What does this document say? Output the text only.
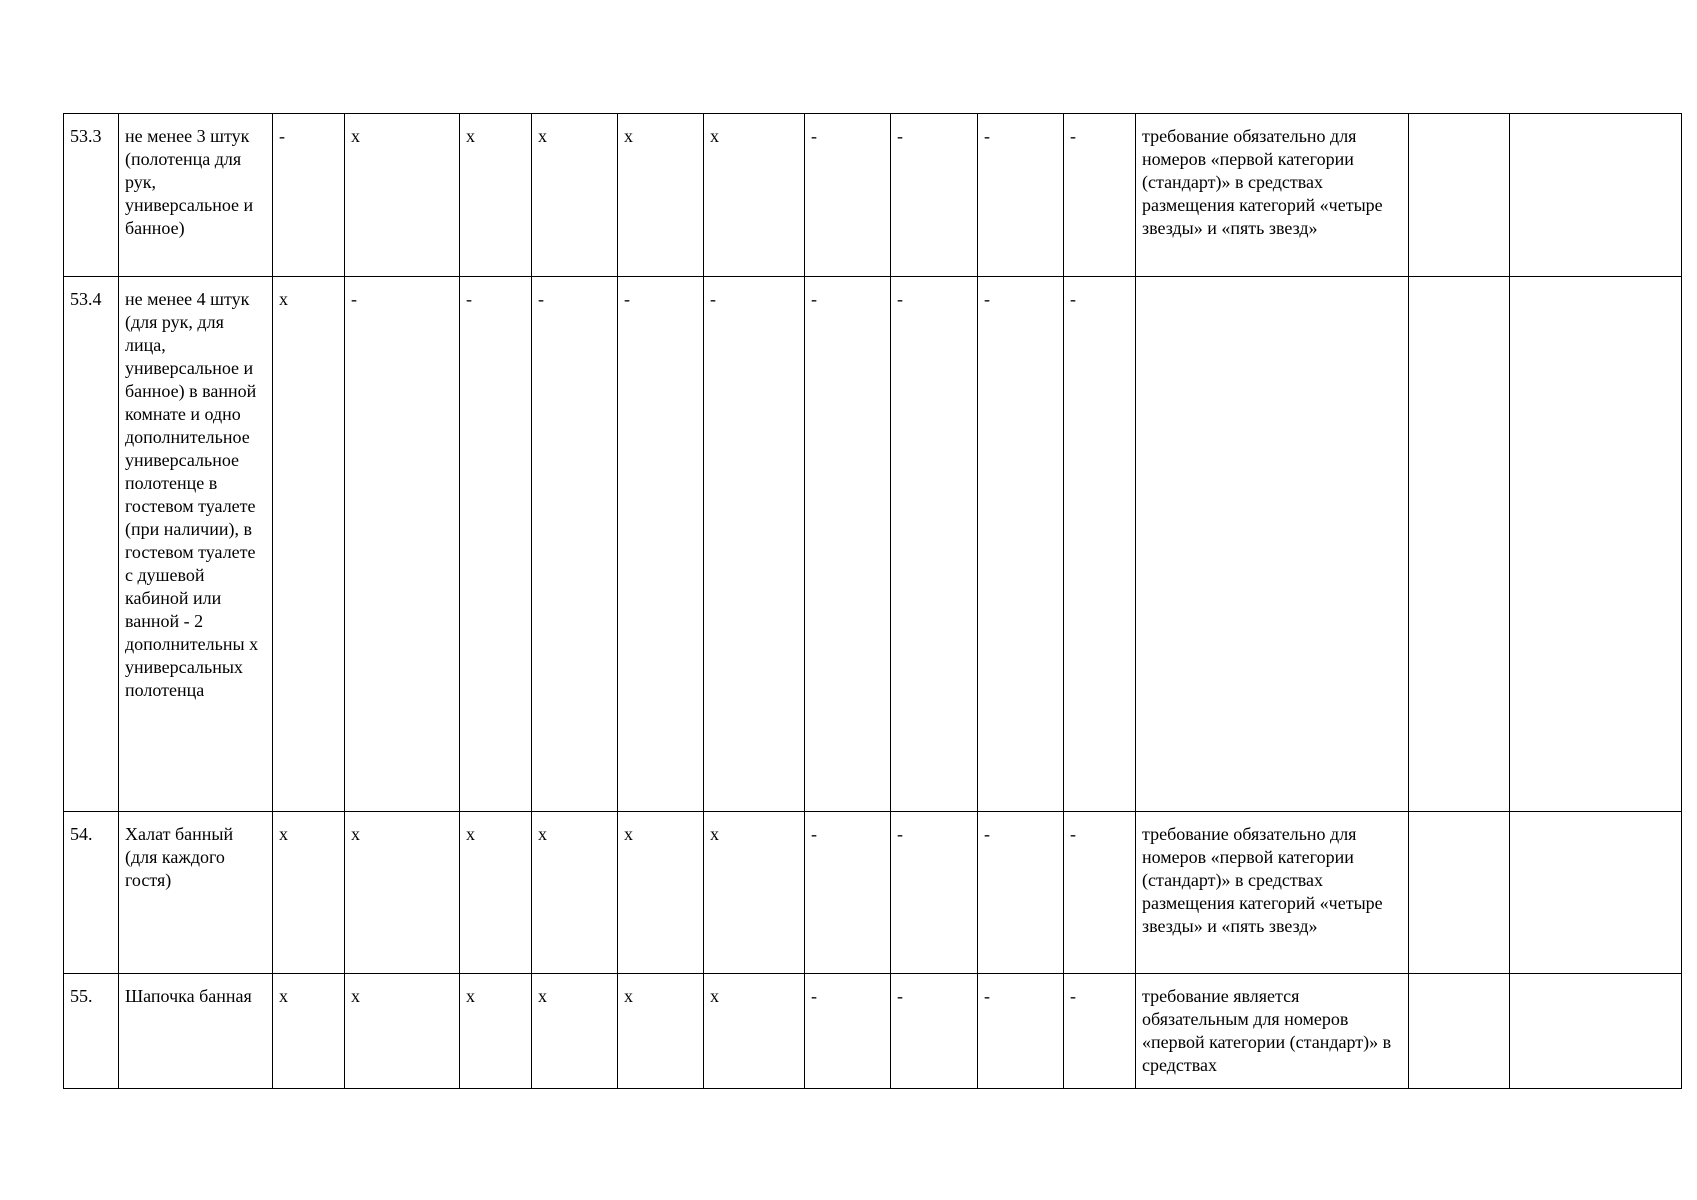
53.3	не менее 3 штук (полотенца для рук, универсальное и банное)	-	x	x	x	x	x	-	-	-	-	требование обязательно для номеров «первой категории (стандарт)» в средствах размещения категорий «четыре звезды» и «пять звезд»		
53.4	не менее 4 штук (для рук, для лица, универсальное и банное) в ванной комнате и одно дополнительное универсальное полотенце в гостевом туалете (при наличии), в гостевом туалете с душевой кабиной или ванной - 2 дополнительны х универсальных полотенца	x	-	-	-	-	-	-	-	-	-			
54.	Халат банный (для каждого гостя)	x	x	x	x	x	x	-	-	-	-	требование обязательно для номеров «первой категории (стандарт)» в средствах размещения категорий «четыре звезды» и «пять звезд»		
55.	Шапочка банная	x	x	x	x	x	x	-	-	-	-	требование является обязательным для номеров «первой категории (стандарт)» в средствах		
